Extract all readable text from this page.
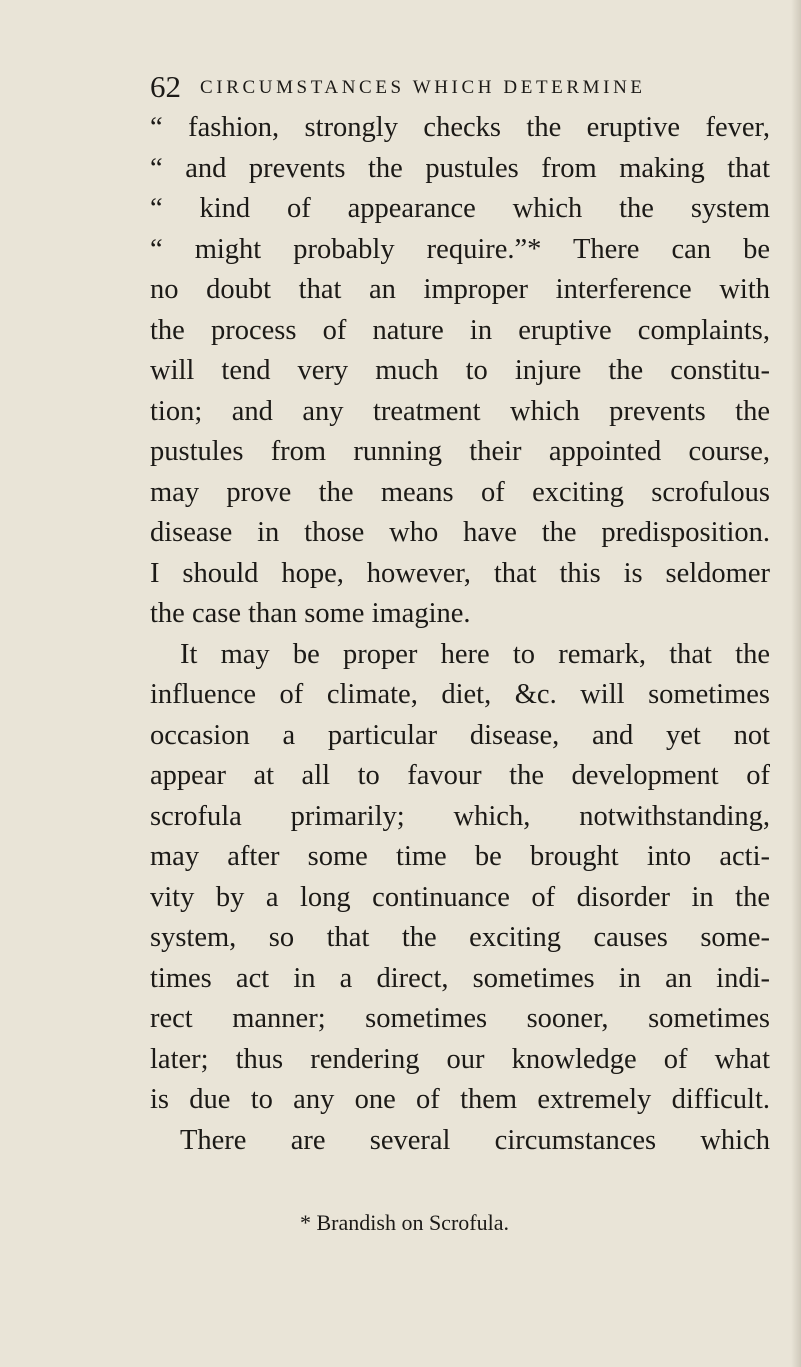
62 CIRCUMSTANCES WHICH DETERMINE
“ fashion, strongly checks the eruptive fever,
“ and prevents the pustules from making that
“ kind of appearance which the system
“ might probably require.”* There can be
no doubt that an improper interference with
the process of nature in eruptive complaints,
will tend very much to injure the constitu-
tion; and any treatment which prevents the
pustules from running their appointed course,
may prove the means of exciting scrofulous
disease in those who have the predisposition.
I should hope, however, that this is seldomer
the case than some imagine.
It may be proper here to remark, that the
influence of climate, diet, &c. will sometimes
occasion a particular disease, and yet not
appear at all to favour the development of
scrofula primarily; which, notwithstanding,
may after some time be brought into acti-
vity by a long continuance of disorder in the
system, so that the exciting causes some-
times act in a direct, sometimes in an indi-
rect manner; sometimes sooner, sometimes
later; thus rendering our knowledge of what
is due to any one of them extremely difficult.
There are several circumstances which
* Brandish on Scrofula.
